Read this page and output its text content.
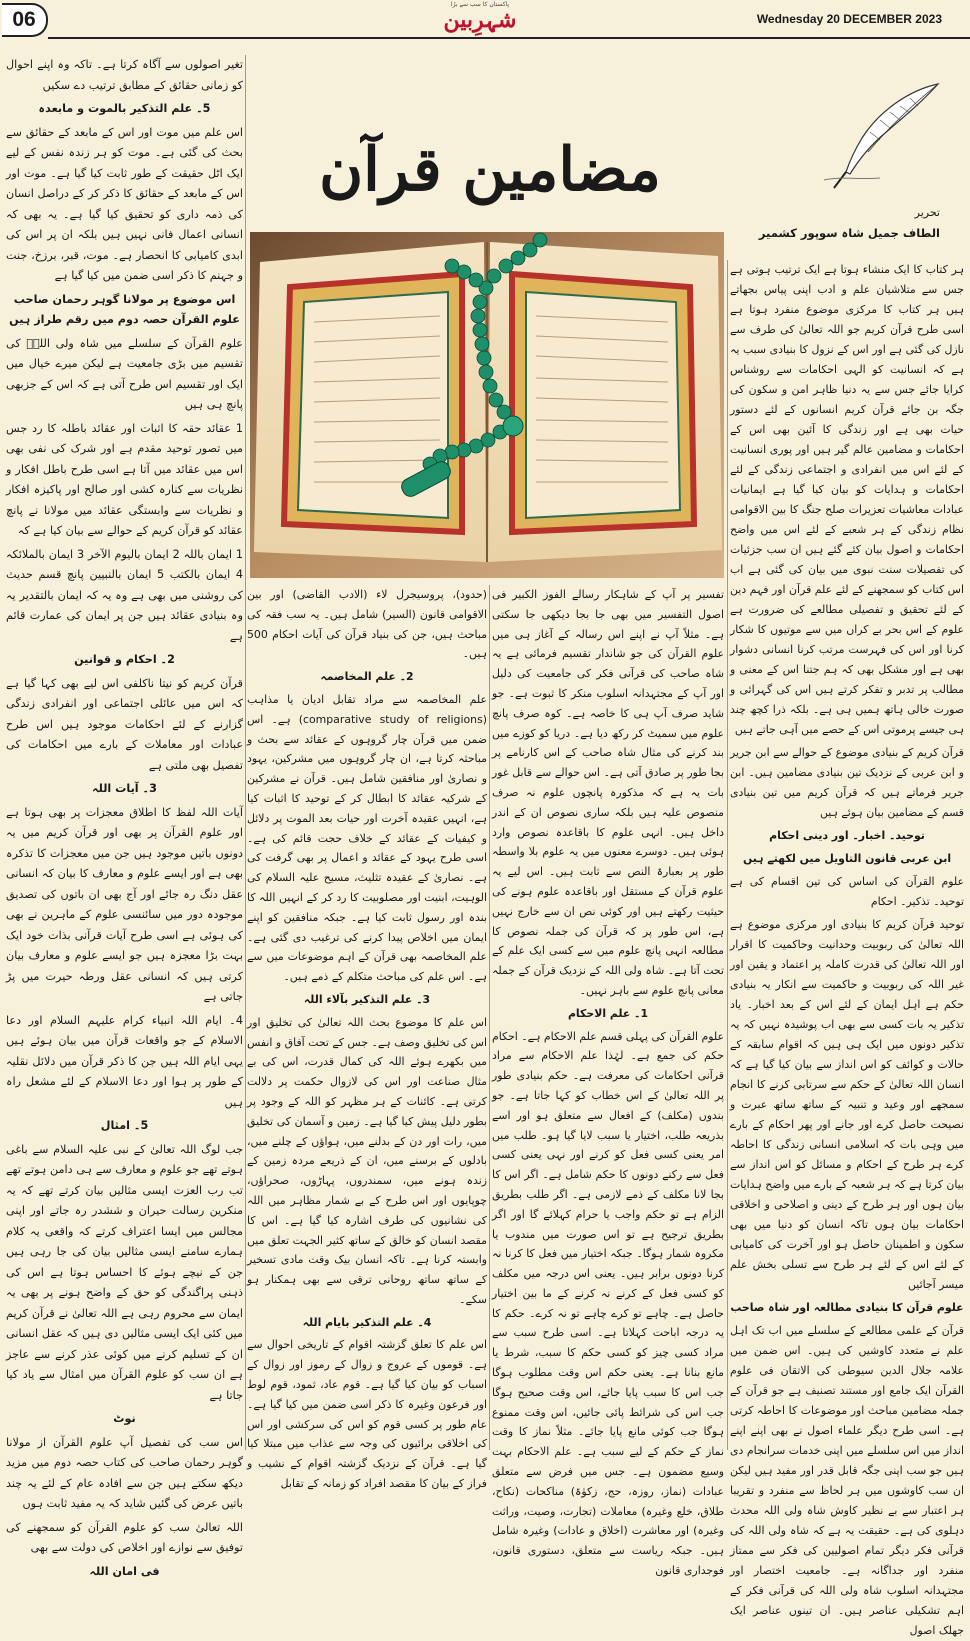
06
پاکستان کا سب سے بڑا
شہرِبین	Wednesday 20 DECEMBER 2023
مضامین قرآن
تحریر
الطاف جمیل شاہ سوپور کشمیر

ہر کتاب کا ایک منشاء ہوتا ہے ایک ترتیب ہوتی ہے جس سے متلاشیان علم و ادب اپنی پیاس بجھاتے ہیں ہر کتاب کا مرکزی موضوع منفرد ہوتا ہے اسی طرح قرآن کریم جو اللہ تعالیٰ کی طرف سے نازل کی گئی ہے اور اس کے نزول کا بنیادی سبب یہ ہے کہ انسانیت کو الہی احکامات سے روشناس کرایا جائے جس سے یہ دنیا ظاہر امن و سکون کی جگہ بن جائے قرآن کریم انسانوں کے لئے دستور حیات بھی ہے اور زندگی کا آئین بھی اس کے احکامات و مضامین عالم گیر ہیں اور پوری انسانیت کے لئے اس میں انفرادی و اجتماعی زندگی کے لئے احکامات و ہدایات کو بیان کیا گیا ہے ایمانیات عبادات معاشیات تعزیرات صلح جنگ کا بین الاقوامی نظام زندگی کے ہر شعبے کے لئے اس میں واضح احکامات و اصول بیان کئے گئے ہیں ان سب جزئیات کی تفصیلات سنت نبوی میں بیان کی گئی ہے اب اس کتاب کو سمجھنے کے لئے علم قرآن اور فہم دین کے لئے تحقیق و تفصیلی مطالعے کی ضرورت ہے علوم کے اس بحر بے کراں میں سے موتیوں کا شکار کرنا اور اس کی فہرست مرتب کرنا انسانی دشوار بھی ہے اور مشکل بھی کہ ہم جتنا اس کے معنی و مطالب پر تدبر و تفکر کرتے ہیں اس کی گہرائی و صورت خالی ہاتھ ہمیں ہی ہے۔ بلکہ ذرا کچھ چند ہی جیسے پرموتی اس کے حصے میں آہی جاتے ہیں

قرآن کریم کے بنیادی موضوع کے حوالے سے ابن جریر و ابن عربی کے نزدیک تین بنیادی مضامین ہیں۔ ابن جریر فرماتے ہیں کہ قرآن کریم میں تین بنیادی قسم کے مضامین بیان ہوئے ہیں

توحید۔ اخبار۔ اور دینی احکام

ابن عربی قانون التاویل میں لکھتے ہیں

علوم القرآن کی اساس کی تین اقسام کی ہے توحید۔ تذکیر۔ احکام

توحید قرآن کریم کا بنیادی اور مرکزی موضوع ہے اللہ تعالیٰ کی ربوبیت وحدانیت وحاکمیت کا اقرار اور اللہ تعالیٰ کی قدرت کاملہ پر اعتماد و یقین اور غیر اللہ کی ربوبیت و حاکمیت سے انکار یہ بنیادی حکم ہے اہل ایمان کے لئے اس کے بعد اخبار۔ یاد تذکیر یہ بات کسی سے بھی اب پوشیدہ نہیں کہ یہ تذکیر دونوں میں ایک ہی ہیں کہ اقوام سابقہ کے حالات و کوائف کو اس انداز سے بیان کیا گیا ہے کہ انسان اللہ تعالیٰ کے حکم سے سرتابی کرنے کا انجام سمجھے اور وعید و تنبیہ کے ساتھ ساتھ عبرت و نصیحت حاصل کرے اور جانے اور پھر احکام کے بارے میں وہی بات کہ اسلامی انسانی زندگی کا احاطہ کرے ہر طرح کے احکام و مسائل کو اس انداز سے بیان کرتا ہے کہ ہر شعبہ کے بارے میں واضح ہدایات بیان ہوں اور ہر طرح کے دینی و اصلاحی و اخلاقی احکامات بیان ہوں تاکہ انسان کو دنیا میں بھی سکون و اطمینان حاصل ہو اور آخرت کی کامیابی کے لئے اس کے لئے ہر طرح سے تسلی بخش علم میسر آجائیں

علوم قرآن کا بنیادی مطالعہ اور شاہ صاحب

قرآن کے علمی مطالعے کے سلسلے میں اب تک اہل علم نے متعدد کاوشیں کی ہیں۔ اس ضمن میں علامہ جلال الدین سیوطی کی الاتقان فی علوم القرآن ایک جامع اور مستند تصنیف ہے جو قرآن کے جملہ مضامین مباحث اور موضوعات کا احاطہ کرتی ہے۔ اسی طرح دیگر علماء اصول نے بھی اپنے اپنے انداز میں اس سلسلے میں اپنی خدمات سرانجام دی ہیں جو سب اپنی جگہ قابل قدر اور مفید ہیں لیکن ان سب کاوشوں میں ہر لحاظ سے منفرد و تقریبا ہر اعتبار سے بے نظیر کاوش شاہ ولی اللہ محدث دہلوی کی ہے۔ حقیقت یہ ہے کہ شاہ ولی اللہ کی قرآنی فکر دیگر تمام اصولیین کی فکر سے ممتاز منفرد اور جداگانہ ہے۔ جامعیت اختصار اور مجتہدانہ اسلوب شاہ ولی اللہ کی قرآنی فکر کے اہم تشکیلی عناصر ہیں۔ ان تینوں عناصر ایک جھلک اصول

تفسیر پر آپ کے شاہکار رسالے الفوز الکبیر فی اصول التفسیر میں بھی جا بجا دیکھی جا سکتی ہے۔ مثلاً آپ نے اپنے اس رسالہ کے آغاز ہی میں علوم القرآن کی جو شاندار تقسیم فرمائی ہے یہ شاہ صاحب کی قرآنی فکر کی جامعیت کی دلیل اور آپ کے مجتہدانہ اسلوب منکر کا ثبوت ہے۔ جو شاید صرف آپ ہی کا خاصہ ہے۔ کوہ صرف پانچ علوم میں سمیٹ کر رکھ دیا ہے۔ دریا کو کوزے میں بند کرنے کی مثال شاہ صاحب کے اس کارنامے پر بجا طور پر صادق آتی ہے۔ اس حوالے سے قابل غور بات یہ ہے کہ مذکورہ پانچوں علوم نہ صرف منصوص علیہ ہیں بلکہ ساری نصوص ان کے اندر داخل ہیں۔ انہی علوم کا باقاعدہ نصوص وارد ہوئی ہیں۔ دوسرے معنوں میں یہ علوم بلا واسطہ طور پر بعبارۃ النص سے ثابت ہیں۔ اس لیے یہ علوم قرآن کے مستقل اور باقاعدہ علوم ہونے کی حیثیت رکھتے ہیں اور کوئی نص ان سے خارج نہیں ہے، اس طور پر کہ قرآن کی جملہ نصوص کا مطالعہ انہی پانچ علوم میں سے کسی ایک علم کے تحت آتا ہے۔ شاہ ولی اللہ کے نزدیک قرآن کے جملہ معانی پانچ علوم سے باہر نہیں۔

1۔ علم الاحکام

علوم القرآن کی پہلی قسم علم الاحکام ہے۔ احکام حکم کی جمع ہے۔ لہٰذا علم الاحکام سے مراد قرآنی احکامات کی معرفت ہے۔ حکم بنیادی طور پر اللہ تعالیٰ کے اس خطاب کو کہا جاتا ہے۔ جو بندوں (مکلف) کے افعال سے متعلق ہو اور اسے بذریعہ طلب، اختیار یا سبب لایا گیا ہو۔ طلب میں امر یعنی کسی فعل کو کرنے اور نہی یعنی کسی فعل سے رکنے دونوں کا حکم شامل ہے۔ اگر اس کا بجا لانا مکلف کے ذمے لازمی ہے۔ اگر طلب بطریق الزام ہے تو حکم واجب یا حرام کہلائے گا اور اگر بطریق ترجیح ہے تو اس صورت میں مندوب یا مکروہ شمار ہوگا۔ جبکہ اختیار میں فعل کا کرنا نہ کرنا دونوں برابر ہیں۔ یعنی اس درجہ میں مکلف کو کسی فعل کے کرنے نہ کرنے کے ما بین اختیار حاصل ہے۔ چاہے تو کرے چاہے تو نہ کرے۔ حکم کا یہ درجہ اباحت کہلاتا ہے۔ اسی طرح سبب سے مراد کسی چیز کو کسی حکم کا سبب، شرط یا مانع بنانا ہے۔ یعنی حکم اس وقت مطلوب ہوگا جب اس کا سبب پایا جائے، اس وقت صحیح ہوگا جب اس کی شرائط پائی جائیں، اس وقت ممنوع ہوگا جب کوئی مانع پایا جائے۔ مثلاً نماز کا وقت نماز کے حکم کے لیے سبب ہے۔ علم الاحکام بہت وسیع مضمون ہے۔ جس میں فرض سے متعلق عبادات (نماز، روزہ، حج، زکوٰۃ) مناکحات (نکاح، طلاق، خلع وغیرہ) معاملات (تجارت، وصیت، وراثت وغیرہ) اور معاشرت (اخلاق و عادات) وغیرہ شامل ہیں۔ جبکہ ریاست سے متعلق، دستوری قانون، فوجداری قانون

(حدود)، پروسیجرل لاء (الادب القاضی) اور بین الاقوامی قانون (السیر) شامل ہیں۔ یہ سب فقہ کی مباحث ہیں، جن کی بنیاد قرآن کی آیات احکام 500 ہیں۔

2۔ علم المخاصمہ

علم المخاصمہ سے مراد تقابل ادیان یا مذاہب (comparative study of religions) ہے۔ اس ضمن میں قرآن چار گروہوں کے عقائد سے بحث و مباحثہ کرتا ہے، ان چار گروہوں میں مشرکین، یہود و نصاریٰ اور منافقین شامل ہیں۔ قرآن نے مشرکین کے شرکیہ عقائد کا ابطال کر کے توحید کا اثبات کیا ہے، انہیں عقیدہ آخرت اور حیات بعد الموت پر دلائل و کیفیات کے عقائد کے خلاف حجت قائم کی ہے۔ اسی طرح یہود کے عقائد و اعمال پر بھی گرفت کی ہے۔ نصاریٰ کے عقیدہ تثلیث، مسیح علیہ السلام کی الوہیت، ابنیت اور مصلوبیت کا رد کر کے انہیں اللہ کا بندہ اور رسول ثابت کیا ہے۔ جبکہ منافقین کو اپنے ایمان میں اخلاص پیدا کرنے کی ترغیب دی گئی ہے۔ علم المخاصمہ بھی قرآن کے اہم موضوعات میں سے ہے۔ اس علم کی مباحث متکلم کے ذمے ہیں۔

3۔ علم التذکیر بآلاء اللہ

اس علم کا موضوع بحث اللہ تعالیٰ کی تخلیق اور اس کی تخلیق وصف ہے۔ جس کے تحت آفاق و انفس میں بکھرے ہوئے اللہ کی کمال قدرت، اس کی بے مثال صناعت اور اس کی لازوال حکمت پر دلالت کرتی ہے۔ کائنات کے ہر مظہر کو اللہ کے وجود پر بطور دلیل پیش کیا گیا ہے۔ زمین و آسمان کی تخلیق میں، رات اور دن کے بدلنے میں، ہواؤں کے چلنے میں، بادلوں کے برسنے میں، ان کے ذریعے مردہ زمین کے زندہ ہونے میں، سمندروں، پہاڑوں، صحراؤں، چوپایوں اور اس طرح کے بے شمار مظاہر میں اللہ کی نشانیوں کی طرف اشارہ کیا گیا ہے۔ اس کا مقصد انسان کو خالق کے ساتھ کثیر الجہت تعلق میں وابستہ کرنا ہے۔ تاکہ انسان بیک وقت مادی تسخیر کے ساتھ ساتھ روحانی ترقی سے بھی ہمکنار ہو سکے۔

4۔ علم التذکیر بایام اللہ

اس علم کا تعلق گزشتہ اقوام کے تاریخی احوال سے ہے۔ قوموں کے عروج و زوال کے رموز اور زوال کے اسباب کو بیان کیا گیا ہے۔ قوم عاد، ثمود، قوم لوط اور فرعون وغیرہ کا ذکر اسی ضمن میں کیا گیا ہے۔ عام طور پر کسی قوم کو اس کی سرکشی اور اس کی اخلاقی برائیوں کی وجہ سے عذاب میں مبتلا کیا گیا ہے۔ قرآن کے نزدیک گزشتہ اقوام کے نشیب و فراز کے بیان کا مقصد افراد کو زمانہ کے تقابل

تغیر اصولوں سے آگاہ کرتا ہے۔ تاکہ وہ اپنے احوال کو زمانی حقائق کے مطابق ترتیب دے سکیں

5۔ علم التذکیر بالموت و مابعدہ

اس علم میں موت اور اس کے مابعد کے حقائق سے بحث کی گئی ہے۔ موت کو ہر زندہ نفس کے لیے ایک اٹل حقیقت کے طور ثابت کیا گیا ہے۔ موت اور اس کے مابعد کے حقائق کا ذکر کر کے دراصل انسان کی ذمہ داری کو تحقیق کیا گیا ہے۔ یہ بھی کہ انسانی اعمال فانی نہیں ہیں بلکہ ان پر اس کی ابدی کامیابی کا انحصار ہے۔ موت، قبر، برزخ، جنت و جہنم کا ذکر اسی ضمن میں کیا گیا ہے

اس موضوع پر مولانا گوہر رحمان صاحب علوم القرآن حصہ دوم میں رقم طراز ہیں

علوم القرآن کے سلسلے میں شاہ ولی اللہؒ کی تقسیم میں بڑی جامعیت ہے لیکن میرے خیال میں ایک اور تقسیم اس طرح آتی ہے کہ اس کے جزبھی پانچ ہی ہیں

1 عقائد حقہ کا اثبات اور عقائد باطلہ کا رد جس میں تصور توحید مقدم ہے اور شرک کی نفی بھی اس میں عقائد میں آتا ہے اسی طرح باطل افکار و نظریات سے کنارہ کشی اور صالح اور پاکیزہ افکار و نظریات سے وابستگی عقائد میں مولانا نے پانچ عقائد کو قرآن کریم کے حوالے سے بیان کیا ہے کہ

1 ایمان باللہ 2 ایمان بالیوم الآخر 3 ایمان بالملائکہ 4 ایمان بالکتب 5 ایمان بالنبیین پانچ قسم حدیث کی روشنی میں بھی ہے وہ یہ کہ ایمان بالتقدیر یہ وہ بنیادی عقائد ہیں جن پر ایمان کی عمارت قائم ہے

2۔ احکام و قوانین

قرآن کریم کو نیتا ناکلفی اس لیے بھی کہا گیا ہے کہ اس میں عائلی اجتماعی اور انفرادی زندگی گزارنے کے لئے احکامات موجود ہیں اس طرح عبادات اور معاملات کے بارے میں احکامات کی تفصیل بھی ملتی ہے

3۔ آیات اللہ

آیات اللہ لفظ کا اطلاق معجزات پر بھی ہوتا ہے اور علوم القرآن پر بھی اور قرآن کریم میں یہ دونوں باتیں موجود ہیں جن میں معجزات کا تذکرہ بھی ہے اور ایسے علوم و معارف کا بیان کہ انسانی عقل دنگ رہ جائے اور آج بھی ان باتوں کی تصدیق موجودہ دور میں سائنسی علوم کے ماہرین نے بھی کی ہوئی ہے اسی طرح آیات قرآنی بذات خود ایک بہت بڑا معجزہ ہیں جو ایسے علوم و معارف بیان کرتی ہیں کہ انسانی عقل ورطہ حیرت میں پڑ جاتی ہے

4۔ ایام اللہ انبیاء کرام علیہم السلام اور دعا الاسلام کے جو واقعات قرآن میں بیان ہوئے ہیں یہی ایام اللہ ہیں جن کا ذکر قرآن میں دلائل نقلیہ کے طور پر ہوا اور دعا الاسلام کے لئے مشعل راہ ہیں

5۔ امثال

جب لوگ اللہ تعالیٰ کے نبی علیہ السلام سے باغی ہوتے تھے جو علوم و معارف سے ہی دامن ہوتے تھے تب رب العزت ایسی مثالیں بیان کرتے تھے کہ یہ منکرین رسالت حیران و ششدر رہ جاتے اور اپنی مجالس میں ایسا اعتراف کرتے کہ واقعی یہ کلام ہمارے سامنے ایسی مثالیں بیان کی جا رہی ہیں جن کے نیچے ہوئے کا احساس ہوتا ہے اس کی ذہنی پراگندگی کو حق کے واضح ہونے پر بھی یہ ایمان سے محروم رہی ہے اللہ تعالیٰ نے قرآن کریم میں کئی ایک ایسی مثالیں دی ہیں کہ عقل انسانی ان کے تسلیم کرنے میں کوئی عذر کرنے سے عاجز ہے ان سب کو علوم القرآن میں امثال سے یاد کیا جاتا ہے

نوٹ

اس سب کی تفصیل آپ علوم القرآن از مولانا گوہر رحمان صاحب کی کتاب حصہ دوم میں مزید دیکھ سکتے ہیں جن سے افادہ عام کے لئے یہ چند باتیں عرض کی گئیں شاید کہ یہ مفید ثابت ہوں

اللہ تعالیٰ سب کو علوم القرآن کو سمجھنے کی توفیق سے نوازے اور اخلاص کی دولت سے بھی

فی امان اللہ
